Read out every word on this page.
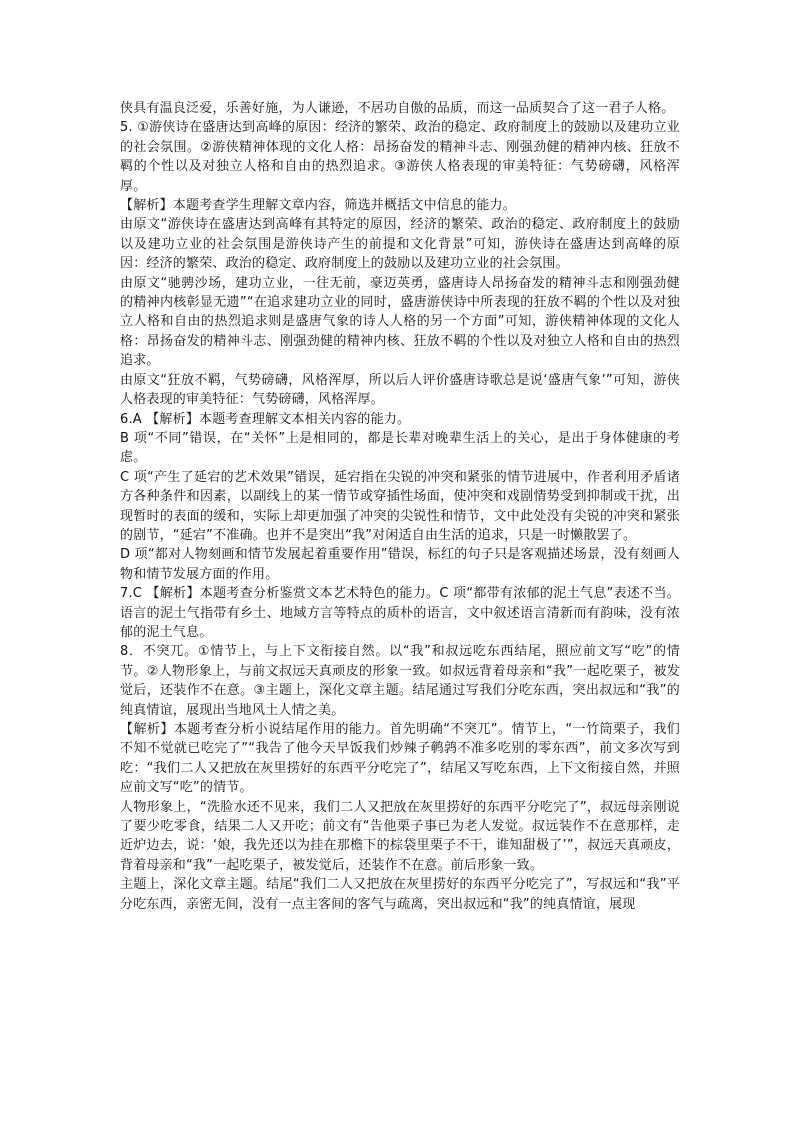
侠具有温良泛爱，乐善好施，为人谦逊，不居功自傲的品质，而这一品质契合了这一君子人格。

5. ①游侠诗在盛唐达到高峰的原因：经济的繁荣、政治的稳定、政府制度上的鼓励以及建功立业的社会氛围。②游侠精神体现的文化人格：昂扬奋发的精神斗志、刚强劲健的精神内核、狂放不羁的个性以及对独立人格和自由的热烈追求。③游侠人格表现的审美特征：气势磅礴，风格浑厚。

【解析】本题考查学生理解文章内容，筛选并概括文中信息的能力。

由原文“游侠诗在盛唐达到高峰有其特定的原因，经济的繁荣、政治的稳定、政府制度上的鼓励以及建功立业的社会氛围是游侠诗产生的前提和文化背景”可知，游侠诗在盛唐达到高峰的原因：经济的繁荣、政治的稳定、政府制度上的鼓励以及建功立业的社会氛围。

由原文“驰骋沙场，建功立业，一往无前，豪迈英勇，盛唐诗人昂扬奋发的精神斗志和刚强劲健的精神内核彰显无遗”“在追求建功立业的同时，盛唐游侠诗中所表现的狂放不羁的个性以及对独立人格和自由的热烈追求则是盛唐气象的诗人人格的另一个方面”可知，游侠精神体现的文化人格：昂扬奋发的精神斗志、刚强劲健的精神内核、狂放不羁的个性以及对独立人格和自由的热烈追求。

由原文“狂放不羁，气势磅礴，风格浑厚，所以后人评价盛唐诗歌总是说‘盛唐气象’”可知，游侠人格表现的审美特征：气势磅礴，风格浑厚。

6.A 【解析】本题考查理解文本相关内容的能力。

B 项“不同”错误，在“关怀”上是相同的，都是长辈对晚辈生活上的关心，是出于身体健康的考虑。

C 项“产生了延宕的艺术效果”错误，延宕指在尖锐的冲突和紧张的情节进展中，作者利用矛盾诸方各种条件和因素，以副线上的某一情节或穿插性场面，使冲突和戏剧情势受到抑制或干扰，出现暂时的表面的缓和，实际上却更加强了冲突的尖锐性和情节，文中此处没有尖锐的冲突和紧张的剧节，“延宕”不准确。也并不是突出“我”对闲适自由生活的追求，只是一时懒散罢了。

D 项“都对人物刻画和情节发展起着重要作用”错误，标红的句子只是客观描述场景，没有刻画人物和情节发展方面的作用。

7.C 【解析】本题考查分析鉴赏文本艺术特色的能力。C 项“都带有浓郁的泥土气息”表述不当。语言的泥土气指带有乡土、地域方言等特点的质朴的语言，文中叙述语言清新而有韵味，没有浓郁的泥土气息。

8．不突兀。①情节上，与上下文衔接自然。以“我”和叔远吃东西结尾，照应前文写“吃”的情节。②人物形象上，与前文叔远天真顽皮的形象一致。如叔远背着母亲和“我”一起吃栗子，被发觉后，还装作不在意。③主题上，深化文章主题。结尾通过写我们分吃东西，突出叔远和“我”的纯真情谊，展现出当地风土人情之美。

【解析】本题考查分析小说结尾作用的能力。首先明确“不突兀”。情节上，“一竹筒栗子，我们不知不觉就已吃完了”“我告了他今天早饭我们炒辣子鹌鹑不准多吃别的零东西”，前文多次写到吃：“我们二人又把放在灰里捞好的东西平分吃完了”，结尾又写吃东西，上下文衔接自然，并照应前文写“吃”的情节。

人物形象上，“洗脸水还不见来，我们二人又把放在灰里捞好的东西平分吃完了”，叔远母亲刚说了要少吃零食，结果二人又开吃；前文有“告他栗子事已为老人发觉。叔远装作不在意那样，走近炉边去，说：‘娘，我先还以为挂在那檐下的棕袋里栗子不干，谁知甜极了’”，叔远天真顽皮，背着母亲和“我”一起吃栗子，被发觉后，还装作不在意。前后形象一致。

主题上，深化文章主题。结尾“我们二人又把放在灰里捞好的东西平分吃完了”，写叔远和“我”平分吃东西，亲密无间，没有一点主客间的客气与疏离，突出叔远和“我”的纯真情谊，展现
